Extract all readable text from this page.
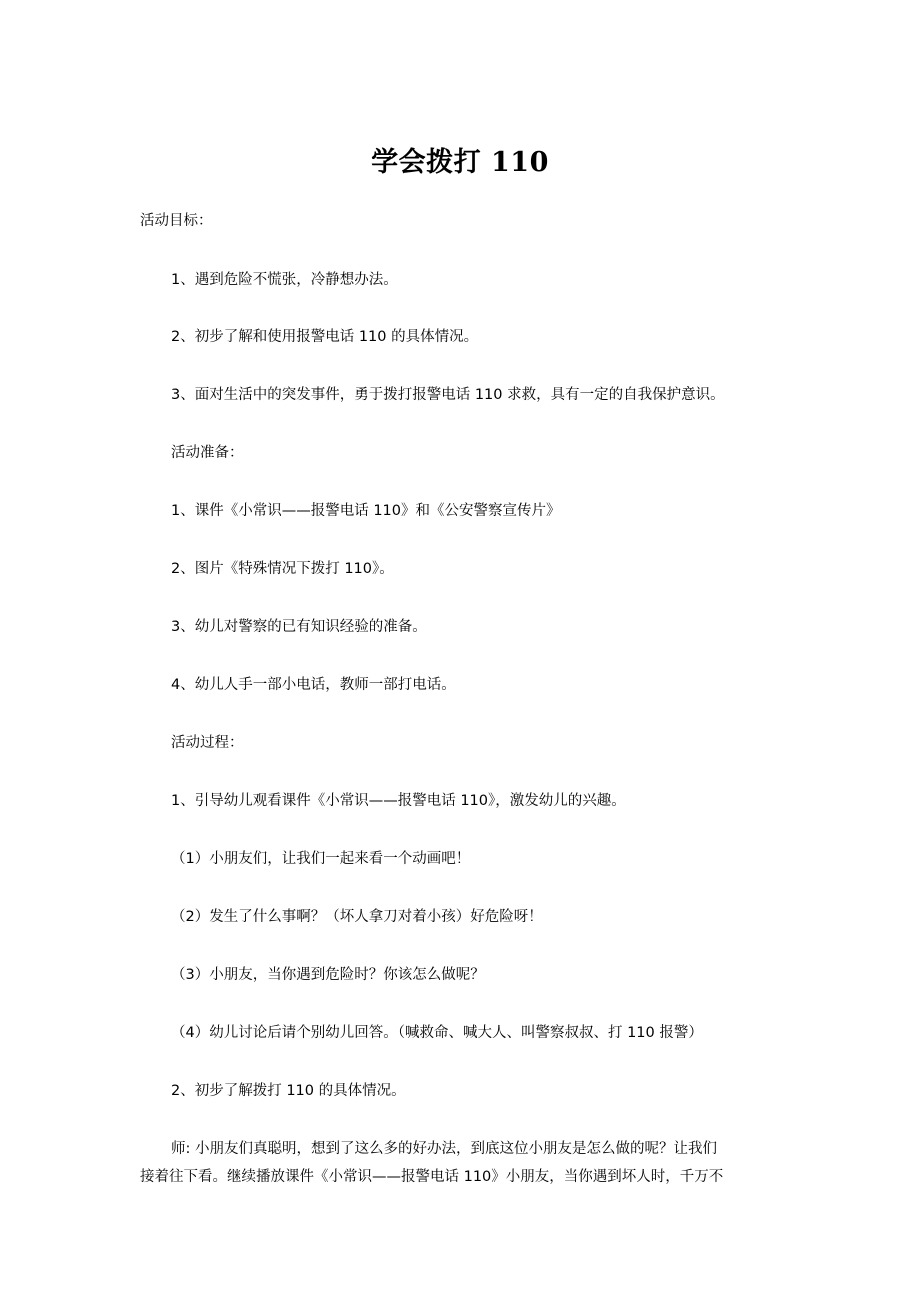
学会拨打 110
活动目标：
1、遇到危险不慌张，冷静想办法。
2、初步了解和使用报警电话 110 的具体情况。
3、面对生活中的突发事件，勇于拨打报警电话 110 求救，具有一定的自我保护意识。
活动准备：
1、课件《小常识——报警电话 110》和《公安警察宣传片》
2、图片《特殊情况下拨打 110》。
3、幼儿对警察的已有知识经验的准备。
4、幼儿人手一部小电话，教师一部打电话。
活动过程：
1、引导幼儿观看课件《小常识——报警电话 110》，激发幼儿的兴趣。
（1）小朋友们，让我们一起来看一个动画吧！
（2）发生了什么事啊？（坏人拿刀对着小孩）好危险呀！
（3）小朋友，当你遇到危险时？你该怎么做呢？
（4）幼儿讨论后请个别幼儿回答。（喊救命、喊大人、叫警察叔叔、打 110 报警）
2、初步了解拨打 110 的具体情况。
师: 小朋友们真聪明，想到了这么多的好办法，到底这位小朋友是怎么做的呢？让我们
接着往下看。继续播放课件《小常识——报警电话 110》小朋友，当你遇到坏人时，千万不
